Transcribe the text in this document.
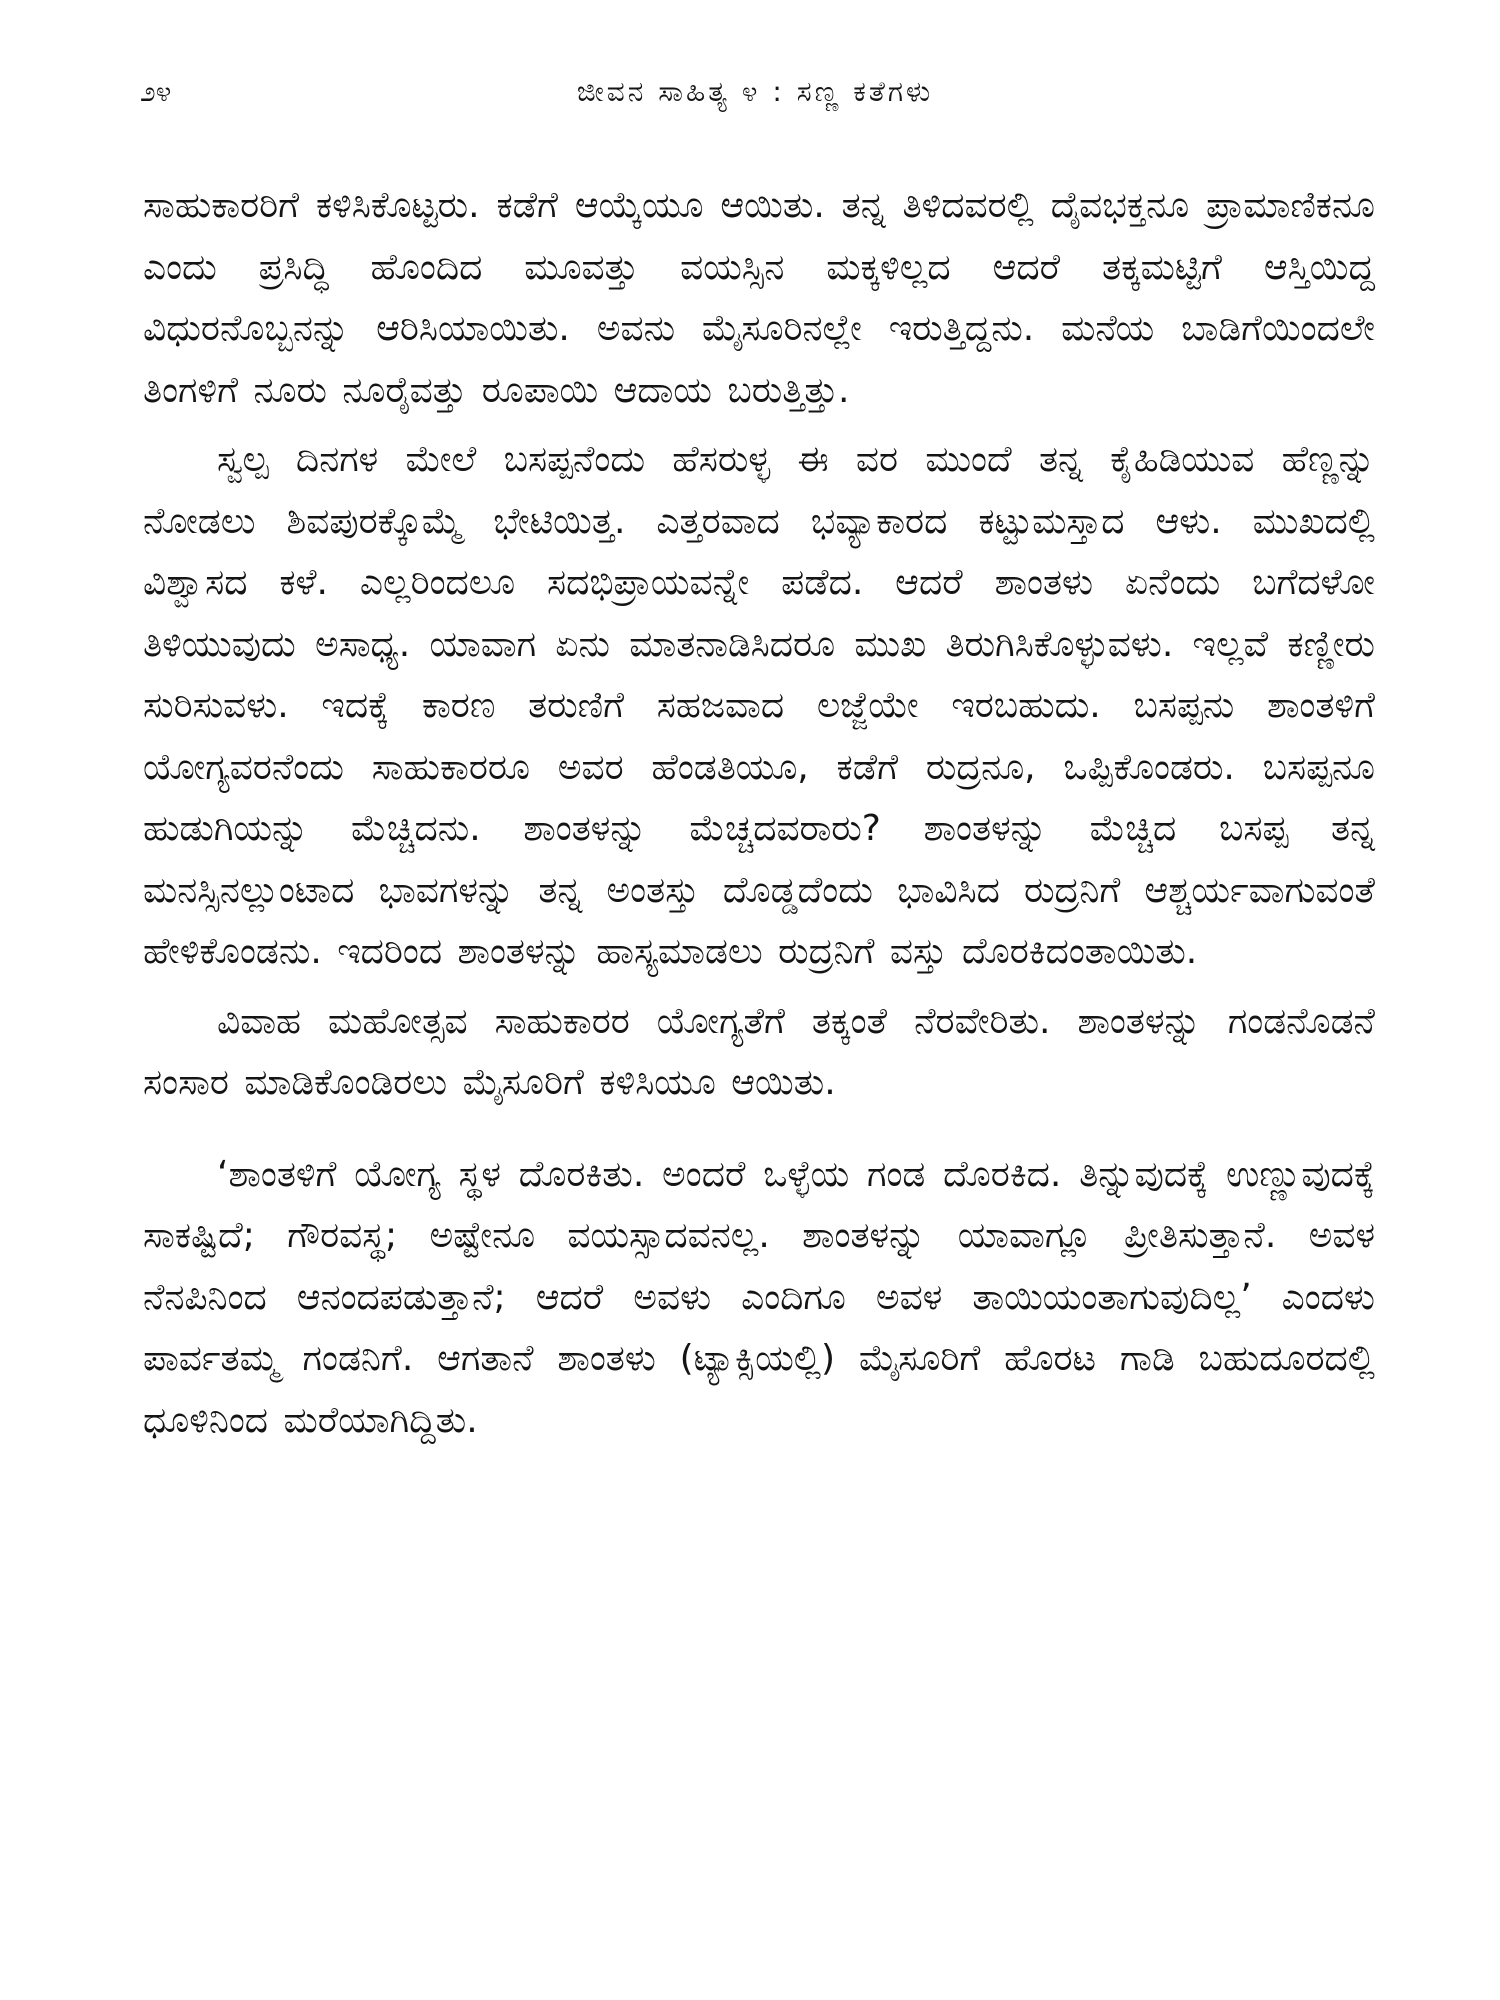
೨೪	ಜೀವನ ಸಾಹಿತ್ಯ ೪ : ಸಣ್ಣ ಕತೆಗಳು

ಸಾಹುಕಾರರಿಗೆ ಕಳಿಸಿಕೊಟ್ಟರು. ಕಡೆಗೆ ಆಯ್ಕೆಯೂ ಆಯಿತು. ತನ್ನ ತಿಳಿದವರಲ್ಲಿ ದೈವಭಕ್ತನೂ ಪ್ರಾಮಾಣಿಕನೂ ಎಂದು ಪ್ರಸಿದ್ಧಿ ಹೊಂದಿದ ಮೂವತ್ತು ವಯಸ್ಸಿನ ಮಕ್ಕಳಿಲ್ಲದ ಆದರೆ ತಕ್ಕಮಟ್ಟಿಗೆ ಆಸ್ತಿಯಿದ್ದ ವಿಧುರನೊಬ್ಬನನ್ನು ಆರಿಸಿಯಾಯಿತು. ಅವನು ಮೈಸೂರಿನಲ್ಲೇ ಇರುತ್ತಿದ್ದನು. ಮನೆಯ ಬಾಡಿಗೆಯಿಂದಲೇ ತಿಂಗಳಿಗೆ ನೂರು ನೂರೈವತ್ತು ರೂಪಾಯಿ ಆದಾಯ ಬರುತ್ತಿತ್ತು.

ಸ್ವಲ್ಪ ದಿನಗಳ ಮೇಲೆ ಬಸಪ್ಪನೆಂದು ಹೆಸರುಳ್ಳ ಈ ವರ ಮುಂದೆ ತನ್ನ ಕೈಹಿಡಿಯುವ ಹೆಣ್ಣನ್ನು ನೋಡಲು ಶಿವಪುರಕ್ಕೊಮ್ಮೆ ಭೇಟಿಯಿತ್ತ. ಎತ್ತರವಾದ ಭವ್ಯಾಕಾರದ ಕಟ್ಟುಮಸ್ತಾದ ಆಳು. ಮುಖದಲ್ಲಿ ವಿಶ್ವಾಸದ ಕಳೆ. ಎಲ್ಲರಿಂದಲೂ ಸದಭಿಪ್ರಾಯವನ್ನೇ ಪಡೆದ. ಆದರೆ ಶಾಂತಳು ಏನೆಂದು ಬಗೆದಳೋ ತಿಳಿಯುವುದು ಅಸಾಧ್ಯ. ಯಾವಾಗ ಏನು ಮಾತನಾಡಿಸಿದರೂ ಮುಖ ತಿರುಗಿಸಿಕೊಳ್ಳುವಳು. ಇಲ್ಲವೆ ಕಣ್ಣೀರು ಸುರಿಸುವಳು. ಇದಕ್ಕೆ ಕಾರಣ ತರುಣಿಗೆ ಸಹಜವಾದ ಲಜ್ಜೆಯೇ ಇರಬಹುದು. ಬಸಪ್ಪನು ಶಾಂತಳಿಗೆ ಯೋಗ್ಯವರನೆಂದು ಸಾಹುಕಾರರೂ ಅವರ ಹೆಂಡತಿಯೂ, ಕಡೆಗೆ ರುದ್ರನೂ, ಒಪ್ಪಿಕೊಂಡರು. ಬಸಪ್ಪನೂ ಹುಡುಗಿಯನ್ನು ಮೆಚ್ಚಿದನು. ಶಾಂತಳನ್ನು ಮೆಚ್ಚದವರಾರು? ಶಾಂತಳನ್ನು ಮೆಚ್ಚಿದ ಬಸಪ್ಪ ತನ್ನ ಮನಸ್ಸಿನಲ್ಲುಂಟಾದ ಭಾವಗಳನ್ನು ತನ್ನ ಅಂತಸ್ತು ದೊಡ್ಡದೆಂದು ಭಾವಿಸಿದ ರುದ್ರನಿಗೆ ಆಶ್ಚರ್ಯವಾಗುವಂತೆ ಹೇಳಿಕೊಂಡನು. ಇದರಿಂದ ಶಾಂತಳನ್ನು ಹಾಸ್ಯಮಾಡಲು ರುದ್ರನಿಗೆ ವಸ್ತು ದೊರಕಿದಂತಾಯಿತು.

ವಿವಾಹ ಮಹೋತ್ಸವ ಸಾಹುಕಾರರ ಯೋಗ್ಯತೆಗೆ ತಕ್ಕಂತೆ ನೆರವೇರಿತು. ಶಾಂತಳನ್ನು ಗಂಡನೊಡನೆ ಸಂಸಾರ ಮಾಡಿಕೊಂಡಿರಲು ಮೈಸೂರಿಗೆ ಕಳಿಸಿಯೂ ಆಯಿತು.

‘ಶಾಂತಳಿಗೆ ಯೋಗ್ಯ ಸ್ಥಳ ದೊರಕಿತು. ಅಂದರೆ ಒಳ್ಳೆಯ ಗಂಡ ದೊರಕಿದ. ತಿನ್ನುವುದಕ್ಕೆ ಉಣ್ಣುವುದಕ್ಕೆ ಸಾಕಷ್ಟಿದೆ; ಗೌರವಸ್ಥ; ಅಷ್ಟೇನೂ ವಯಸ್ಸಾದವನಲ್ಲ. ಶಾಂತಳನ್ನು ಯಾವಾಗ್ಲೂ ಪ್ರೀತಿಸುತ್ತಾನೆ. ಅವಳ ನೆನಪಿನಿಂದ ಆನಂದಪಡುತ್ತಾನೆ; ಆದರೆ ಅವಳು ಎಂದಿಗೂ ಅವಳ ತಾಯಿಯಂತಾಗುವುದಿಲ್ಲ’ ಎಂದಳು ಪಾರ್ವತಮ್ಮ ಗಂಡನಿಗೆ. ಆಗತಾನೆ ಶಾಂತಳು (ಟ್ಯಾಕ್ಸಿಯಲ್ಲಿ) ಮೈಸೂರಿಗೆ ಹೊರಟ ಗಾಡಿ ಬಹುದೂರದಲ್ಲಿ ಧೂಳಿನಿಂದ ಮರೆಯಾಗಿದ್ದಿತು.
